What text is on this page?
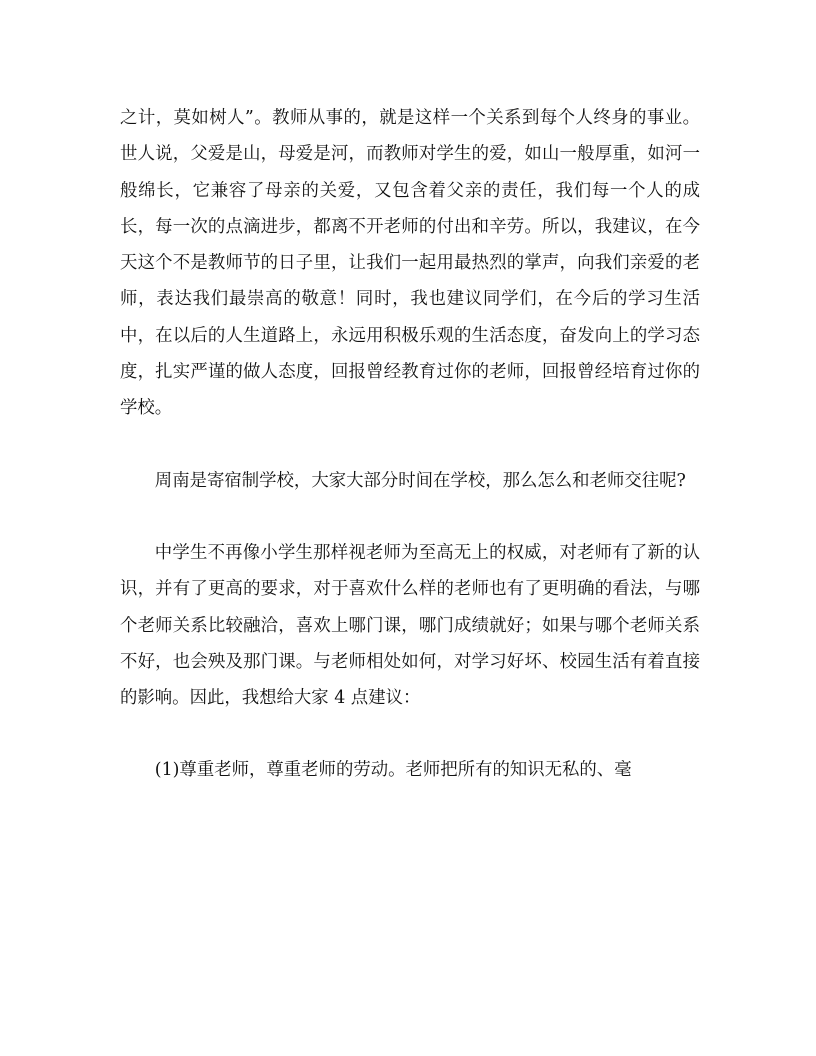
之计，莫如树人”。教师从事的，就是这样一个关系到每个人终身的事业。世人说，父爱是山，母爱是河，而教师对学生的爱，如山一般厚重，如河一般绵长，它兼容了母亲的关爱，又包含着父亲的责任，我们每一个人的成长，每一次的点滴进步，都离不开老师的付出和辛劳。所以，我建议，在今天这个不是教师节的日子里，让我们一起用最热烈的掌声，向我们亲爱的老师，表达我们最崇高的敬意！同时，我也建议同学们，在今后的学习生活中，在以后的人生道路上，永远用积极乐观的生活态度，奋发向上的学习态度，扎实严谨的做人态度，回报曾经教育过你的老师，回报曾经培育过你的学校。

周南是寄宿制学校，大家大部分时间在学校，那么怎么和老师交往呢?

中学生不再像小学生那样视老师为至高无上的权威，对老师有了新的认识，并有了更高的要求，对于喜欢什么样的老师也有了更明确的看法，与哪个老师关系比较融洽，喜欢上哪门课，哪门成绩就好；如果与哪个老师关系不好，也会殃及那门课。与老师相处如何，对学习好坏、校园生活有着直接的影响。因此，我想给大家 4 点建议：

(1)尊重老师，尊重老师的劳动。老师把所有的知识无私的、毫
